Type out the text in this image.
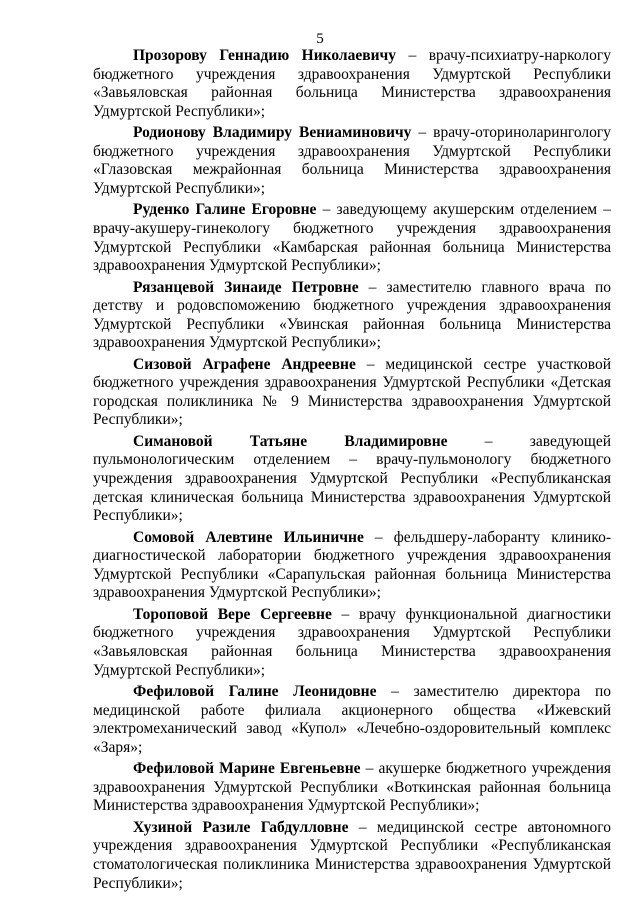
5

Прозорову Геннадию Николаевичу – врачу-психиатру-наркологу бюджетного учреждения здравоохранения Удмуртской Республики «Завьяловская районная больница Министерства здравоохранения Удмуртской Республики»;

Родионову Владимиру Вениаминовичу – врачу-оториноларингологу бюджетного учреждения здравоохранения Удмуртской Республики «Глазовская межрайонная больница Министерства здравоохранения Удмуртской Республики»;

Руденко Галине Егоровне – заведующему акушерским отделением – врачу-акушеру-гинекологу бюджетного учреждения здравоохранения Удмуртской Республики «Камбарская районная больница Министерства здравоохранения Удмуртской Республики»;

Рязанцевой Зинаиде Петровне – заместителю главного врача по детству и родовспоможению бюджетного учреждения здравоохранения Удмуртской Республики «Увинская районная больница Министерства здравоохранения Удмуртской Республики»;

Сизовой Аграфене Андреевне – медицинской сестре участковой бюджетного учреждения здравоохранения Удмуртской Республики «Детская городская поликлиника № 9 Министерства здравоохранения Удмуртской Республики»;

Симановой Татьяне Владимировне – заведующей пульмонологическим отделением – врачу-пульмонологу бюджетного учреждения здравоохранения Удмуртской Республики «Республиканская детская клиническая больница Министерства здравоохранения Удмуртской Республики»;

Сомовой Алевтине Ильиничне – фельдшеру-лаборанту клинико-диагностической лаборатории бюджетного учреждения здравоохранения Удмуртской Республики «Сарапульская районная больница Министерства здравоохранения Удмуртской Республики»;

Тороповой Вере Сергеевне – врачу функциональной диагностики бюджетного учреждения здравоохранения Удмуртской Республики «Завьяловская районная больница Министерства здравоохранения Удмуртской Республики»;

Фефиловой Галине Леонидовне – заместителю директора по медицинской работе филиала акционерного общества «Ижевский электромеханический завод «Купол» «Лечебно-оздоровительный комплекс «Заря»;

Фефиловой Марине Евгеньевне – акушерке бюджетного учреждения здравоохранения Удмуртской Республики «Воткинская районная больница Министерства здравоохранения Удмуртской Республики»;

Хузиной Разиле Габдулловне – медицинской сестре автономного учреждения здравоохранения Удмуртской Республики «Республиканская стоматологическая поликлиника Министерства здравоохранения Удмуртской Республики»;
